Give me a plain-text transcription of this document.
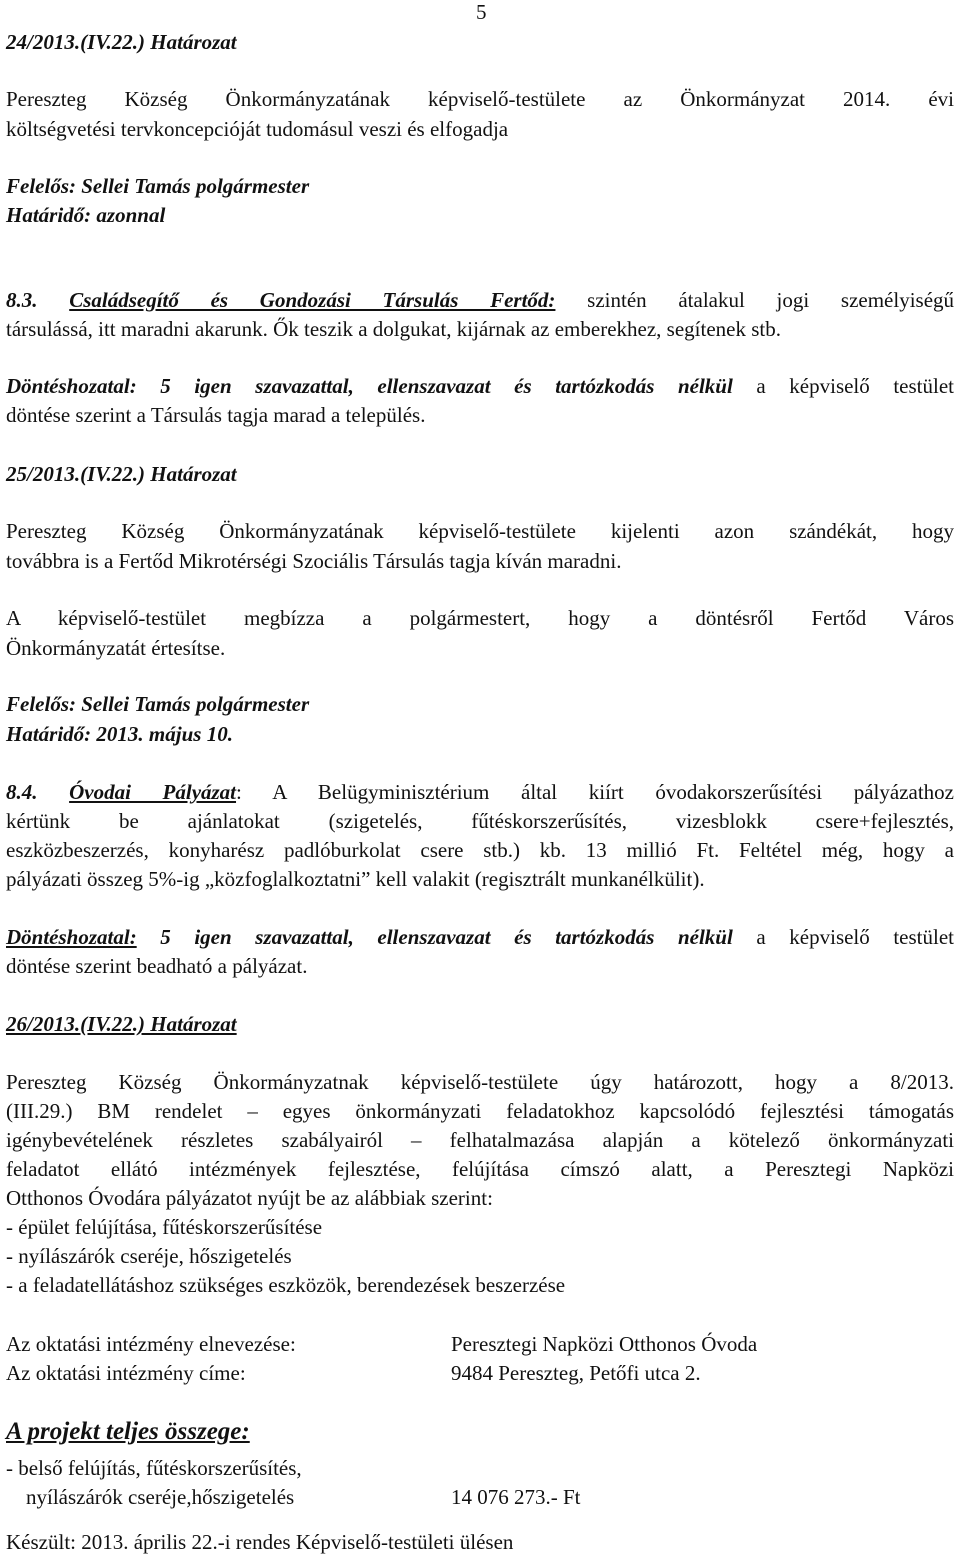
24/2013.(IV.22.) Határozat
5
Pereszteg Község Önkormányzatának képviselő-testülete az Önkormányzat 2014. évi
költségvetési tervkoncepcióját tudomásul veszi és elfogadja
Felelős: Sellei Tamás polgármester
Határidő: azonnal
8.3. Családsegítő és Gondozási Társulás Fertőd: szintén átalakul jogi személyiségű
társulássá, itt maradni akarunk. Ők teszik a dolgukat, kijárnak az emberekhez, segítenek stb.
Döntéshozatal: 5 igen szavazattal, ellenszavazat és tartózkodás nélkül a képviselő testület
döntése szerint a Társulás tagja marad a település.
25/2013.(IV.22.) Határozat
Pereszteg Község Önkormányzatának képviselő-testülete kijelenti azon szándékát, hogy
továbbra is a Fertőd Mikrotérségi Szociális Társulás tagja kíván maradni.
A képviselő-testület megbízza a polgármestert, hogy a döntésről Fertőd Város
Önkormányzatát értesítse.
Felelős: Sellei Tamás polgármester
Határidő: 2013. május 10.
8.4. Óvodai Pályázat: A Belügyminisztérium által kiírt óvodakorszerűsítési pályázathoz
kértünk be ajánlatokat (szigetelés, fűtéskorszerűsítés, vizesblokk csere+fejlesztés,
eszközbeszerzés, konyharész padlóburkolat csere stb.) kb. 13 millió Ft. Feltétel még, hogy a
pályázati összeg 5%-ig „közfoglalkoztatni” kell valakit (regisztrált munkanélkülit).
Döntéshozatal: 5 igen szavazattal, ellenszavazat és tartózkodás nélkül a képviselő testület
döntése szerint beadható a pályázat.
26/2013.(IV.22.) Határozat
Pereszteg Község Önkormányzatnak képviselő-testülete úgy határozott, hogy a 8/2013.
(III.29.) BM rendelet – egyes önkormányzati feladatokhoz kapcsolódó fejlesztési támogatás
igénybevételének részletes szabályairól – felhatalmazása alapján a kötelező önkormányzati
feladatot ellátó intézmények fejlesztése, felújítása címszó alatt, a Peresztegi Napközi
Otthonos Óvodára pályázatot nyújt be az alábbiak szerint:
- épület felújítása, fűtéskorszerűsítése
- nyílászárók cseréje, hőszigetelés
- a feladatellátáshoz szükséges eszközök, berendezések beszerzése
Az oktatási intézmény elnevezése:	Peresztegi Napközi Otthonos Óvoda
Az oktatási intézmény címe:	9484 Pereszteg, Petőfi utca 2.
A projekt teljes összege:
- belső felújítás, fűtéskorszerűsítés,
nyílászárók cseréje,hőszigetelés	14 076 273.- Ft
Készült: 2013. április 22.-i rendes Képviselő-testületi ülésen
